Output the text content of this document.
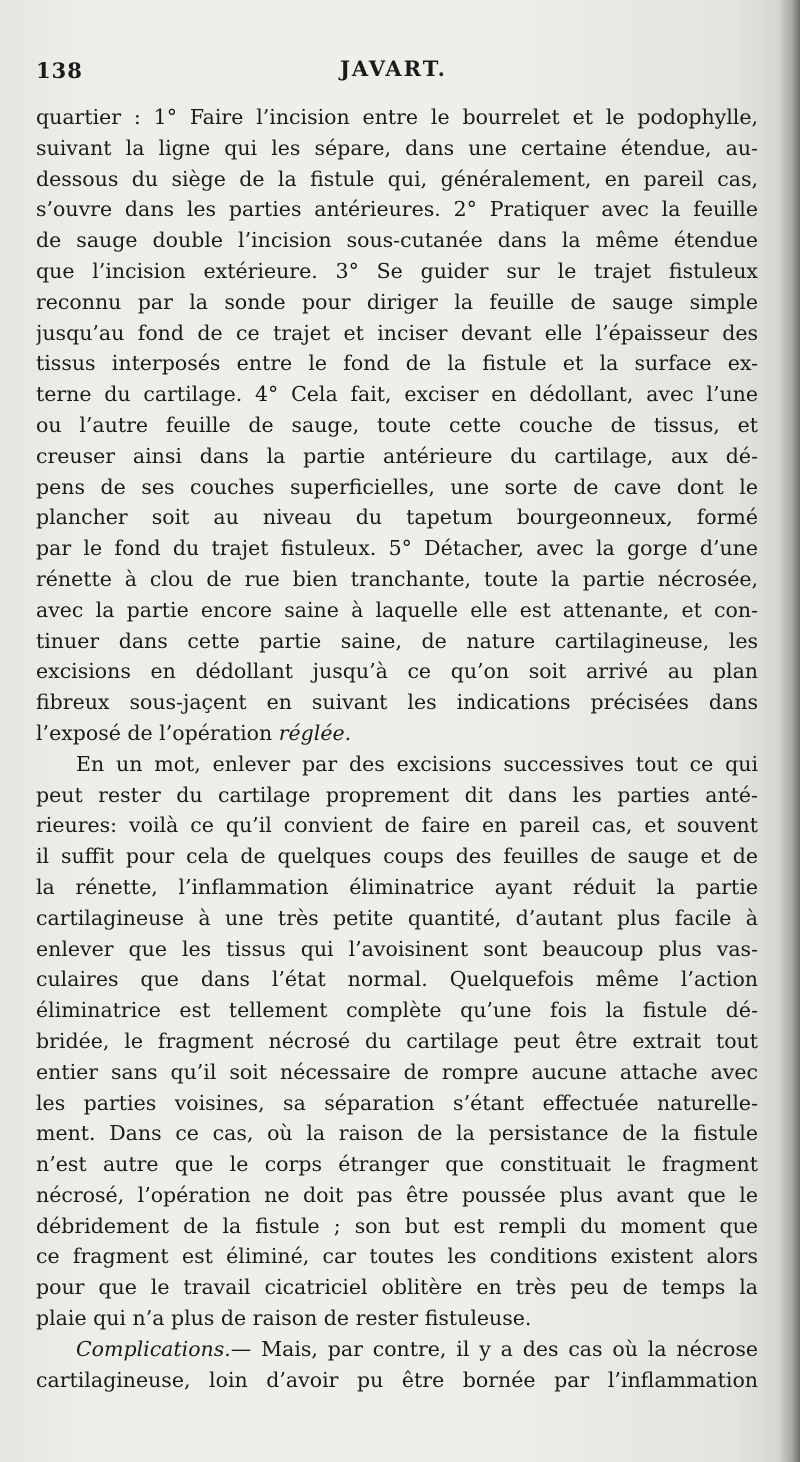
138	JAVART.
quartier : 1° Faire l’incision entre le bourrelet et le podophylle,
suivant la ligne qui les sépare, dans une certaine étendue, au-
dessous du siège de la fistule qui, généralement, en pareil cas,
s’ouvre dans les parties antérieures. 2° Pratiquer avec la feuille
de sauge double l’incision sous-cutanée dans la même étendue
que l’incision extérieure. 3° Se guider sur le trajet fistuleux
reconnu par la sonde pour diriger la feuille de sauge simple
jusqu’au fond de ce trajet et inciser devant elle l’épaisseur des
tissus interposés entre le fond de la fistule et la surface ex-
terne du cartilage. 4° Cela fait, exciser en dédollant, avec l’une
ou l’autre feuille de sauge, toute cette couche de tissus, et
creuser ainsi dans la partie antérieure du cartilage, aux dé-
pens de ses couches superficielles, une sorte de cave dont le
plancher soit au niveau du tapetum bourgeonneux, formé
par le fond du trajet fistuleux. 5° Détacher, avec la gorge d’une
rénette à clou de rue bien tranchante, toute la partie nécrosée,
avec la partie encore saine à laquelle elle est attenante, et con-
tinuer dans cette partie saine, de nature cartilagineuse, les
excisions en dédollant jusqu’à ce qu’on soit arrivé au plan
fibreux sous-jaçent en suivant les indications précisées dans
l’exposé de l’opération réglée.
En un mot, enlever par des excisions successives tout ce qui
peut rester du cartilage proprement dit dans les parties anté-
rieures: voilà ce qu’il convient de faire en pareil cas, et souvent
il suffit pour cela de quelques coups des feuilles de sauge et de
la rénette, l’inflammation éliminatrice ayant réduit la partie
cartilagineuse à une très petite quantité, d’autant plus facile à
enlever que les tissus qui l’avoisinent sont beaucoup plus vas-
culaires que dans l’état normal. Quelquefois même l’action
éliminatrice est tellement complète qu’une fois la fistule dé-
bridée, le fragment nécrosé du cartilage peut être extrait tout
entier sans qu’il soit nécessaire de rompre aucune attache avec
les parties voisines, sa séparation s’étant effectuée naturelle-
ment. Dans ce cas, où la raison de la persistance de la fistule
n’est autre que le corps étranger que constituait le fragment
nécrosé, l’opération ne doit pas être poussée plus avant que le
débridement de la fistule ; son but est rempli du moment que
ce fragment est éliminé, car toutes les conditions existent alors
pour que le travail cicatriciel oblitère en très peu de temps la
plaie qui n’a plus de raison de rester fistuleuse.
Complications.— Mais, par contre, il y a des cas où la nécrose
cartilagineuse, loin d’avoir pu être bornée par l’inflammation
